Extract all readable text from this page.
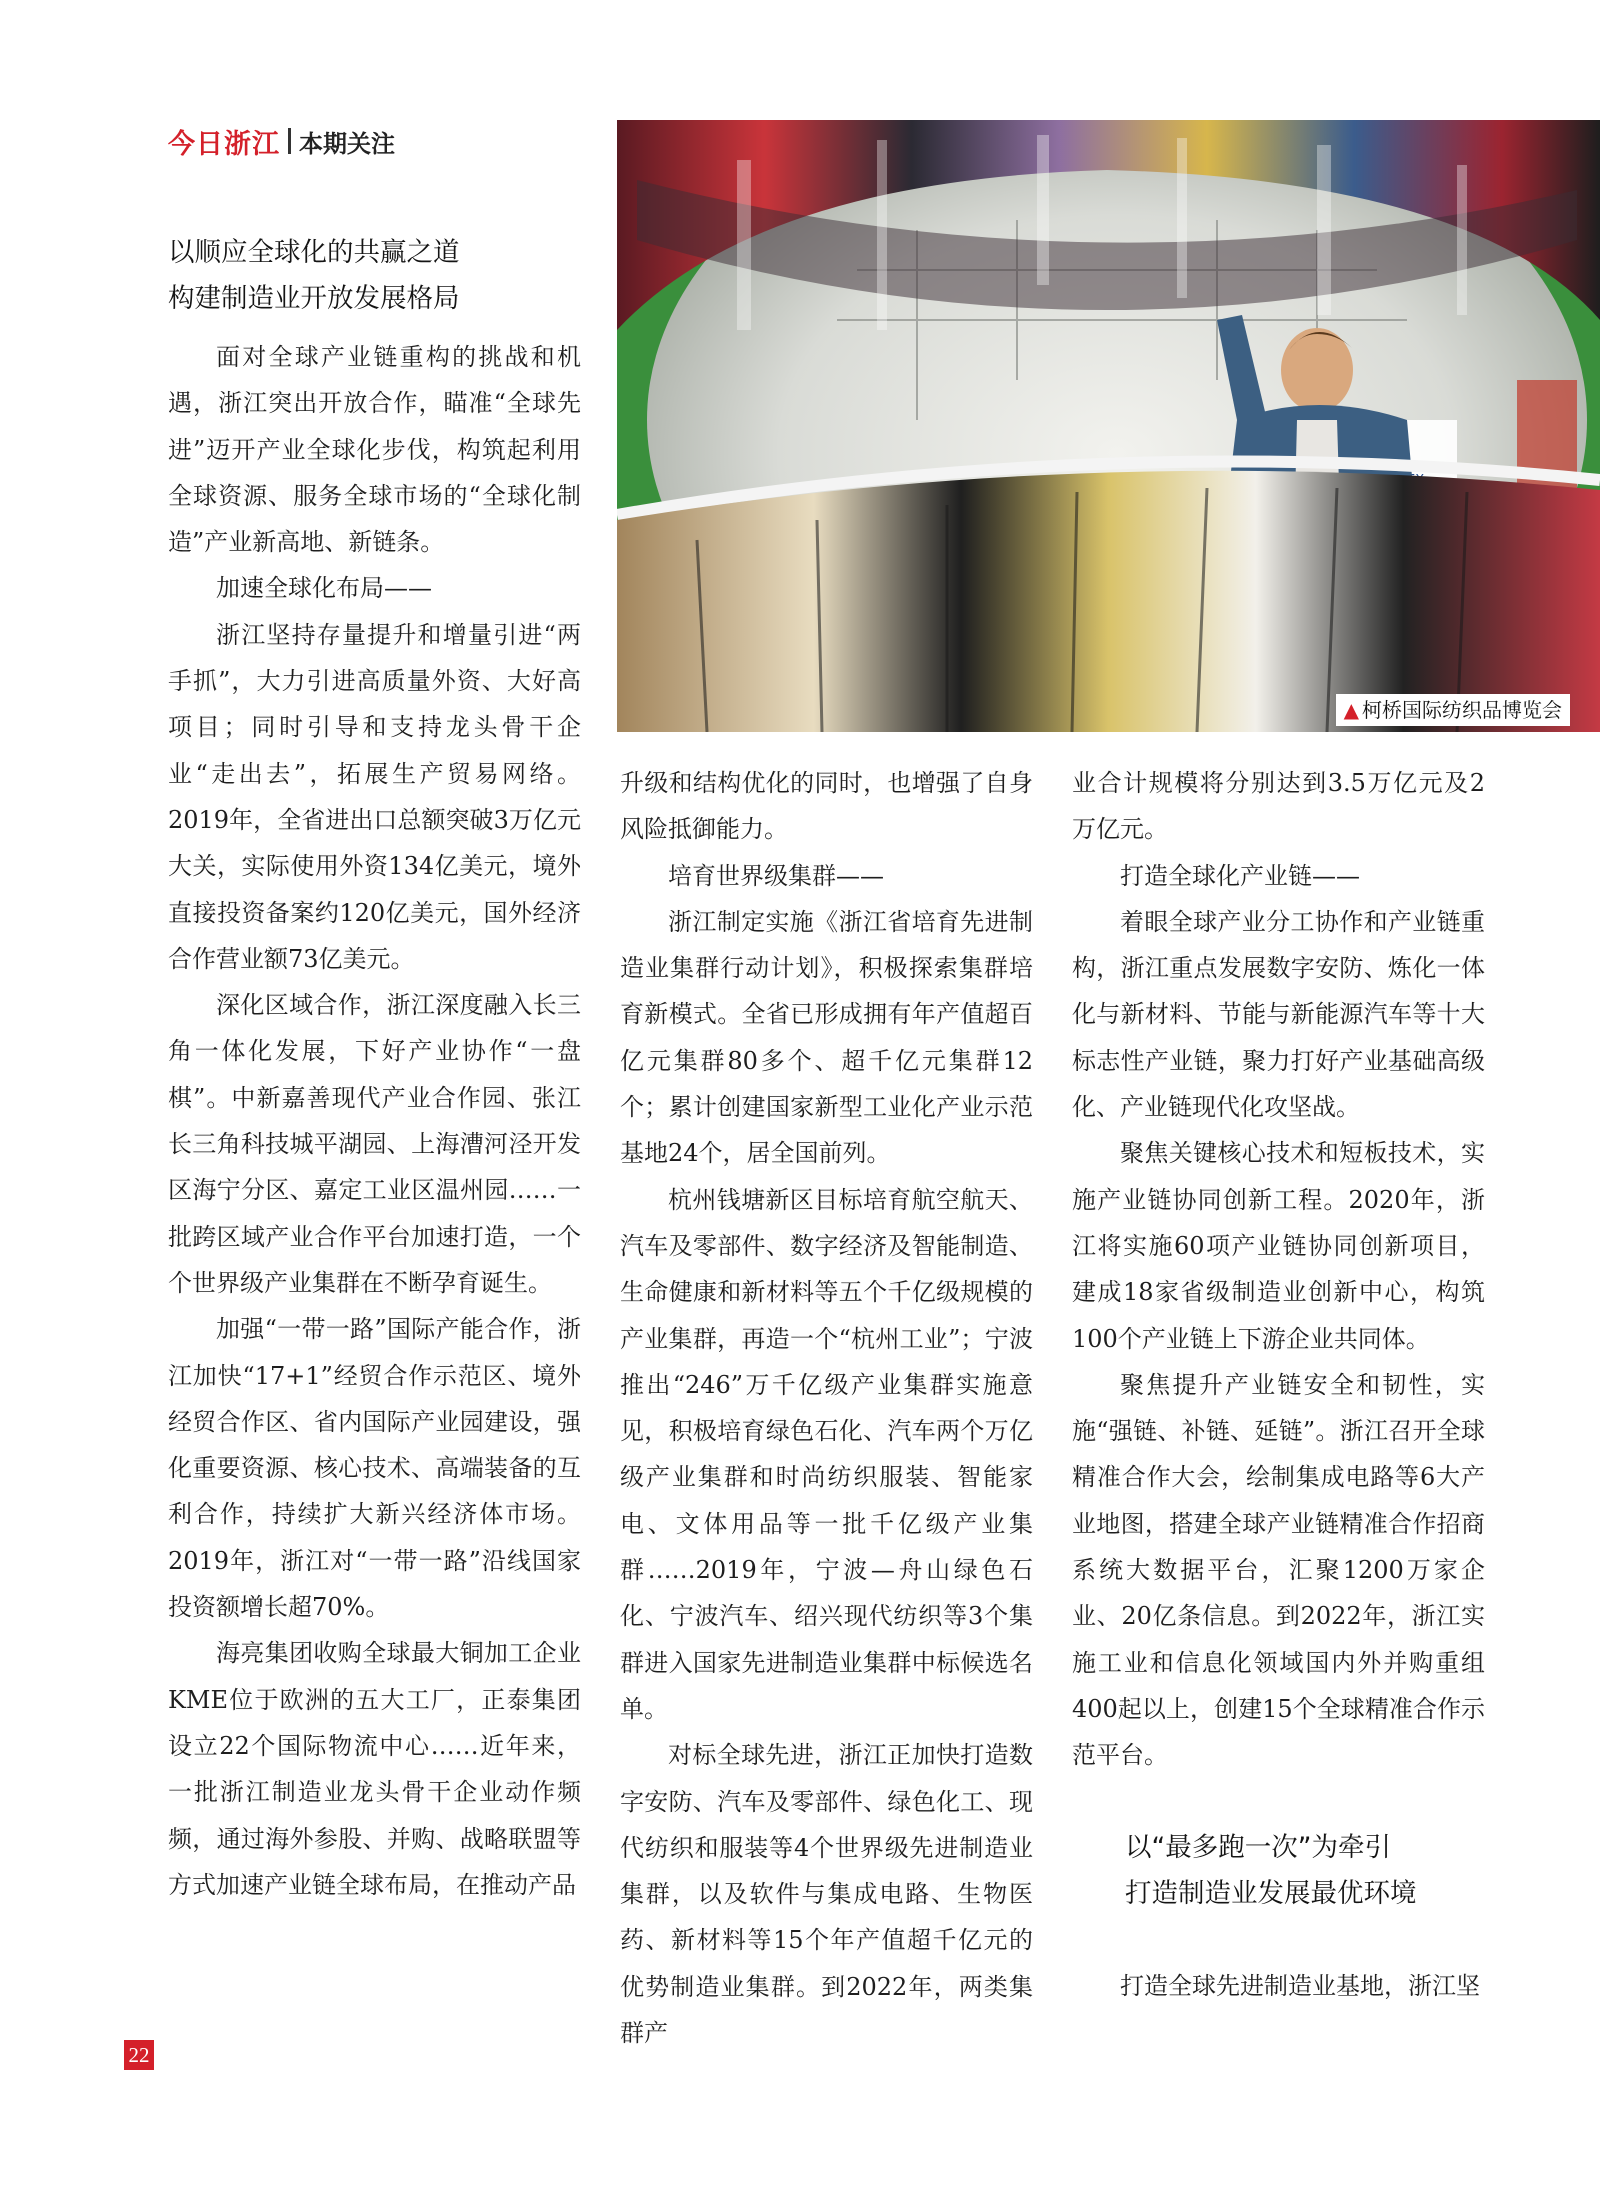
今日浙江 本期关注

以顺应全球化的共赢之道

构建制造业开放发展格局

面对全球产业链重构的挑战和机遇，浙江突出开放合作，瞄准“全球先进”迈开产业全球化步伐，构筑起利用全球资源、服务全球市场的“全球化制造”产业新高地、新链条。

加速全球化布局——

浙江坚持存量提升和增量引进“两手抓”，大力引进高质量外资、大好高项目；同时引导和支持龙头骨干企业“走出去”，拓展生产贸易网络。2019年，全省进出口总额突破3万亿元大关，实际使用外资134亿美元，境外直接投资备案约120亿美元，国外经济合作营业额73亿美元。

深化区域合作，浙江深度融入长三角一体化发展，下好产业协作“一盘棋”。中新嘉善现代产业合作园、张江长三角科技城平湖园、上海漕河泾开发区海宁分区、嘉定工业区温州园……一批跨区域产业合作平台加速打造，一个个世界级产业集群在不断孕育诞生。

加强“一带一路”国际产能合作，浙江加快“17+1”经贸合作示范区、境外经贸合作区、省内国际产业园建设，强化重要资源、核心技术、高端装备的互利合作，持续扩大新兴经济体市场。2019年，浙江对“一带一路”沿线国家投资额增长超70%。

海亮集团收购全球最大铜加工企业KME位于欧洲的五大工厂，正泰集团设立22个国际物流中心……近年来，一批浙江制造业龙头骨干企业动作频频，通过海外参股、并购、战略联盟等方式加速产业链全球布局，在推动产品

▲ 柯桥国际纺织品博览会

升级和结构优化的同时，也增强了自身风险抵御能力。

培育世界级集群——

浙江制定实施《浙江省培育先进制造业集群行动计划》，积极探索集群培育新模式。全省已形成拥有年产值超百亿元集群80多个、超千亿元集群12个；累计创建国家新型工业化产业示范基地24个，居全国前列。

杭州钱塘新区目标培育航空航天、汽车及零部件、数字经济及智能制造、生命健康和新材料等五个千亿级规模的产业集群，再造一个“杭州工业”；宁波推出“246”万千亿级产业集群实施意见，积极培育绿色石化、汽车两个万亿级产业集群和时尚纺织服装、智能家电、文体用品等一批千亿级产业集群……2019年，宁波—舟山绿色石化、宁波汽车、绍兴现代纺织等3个集群进入国家先进制造业集群中标候选名单。

对标全球先进，浙江正加快打造数字安防、汽车及零部件、绿色化工、现代纺织和服装等4个世界级先进制造业集群，以及软件与集成电路、生物医药、新材料等15个年产值超千亿元的优势制造业集群。到2022年，两类集群产

业合计规模将分别达到3.5万亿元及2万亿元。

打造全球化产业链——

着眼全球产业分工协作和产业链重构，浙江重点发展数字安防、炼化一体化与新材料、节能与新能源汽车等十大标志性产业链，聚力打好产业基础高级化、产业链现代化攻坚战。

聚焦关键核心技术和短板技术，实施产业链协同创新工程。2020年，浙江将实施60项产业链协同创新项目，建成18家省级制造业创新中心，构筑100个产业链上下游企业共同体。

聚焦提升产业链安全和韧性，实施“强链、补链、延链”。浙江召开全球精准合作大会，绘制集成电路等6大产业地图，搭建全球产业链精准合作招商系统大数据平台，汇聚1200万家企业、20亿条信息。到2022年，浙江实施工业和信息化领域国内外并购重组400起以上，创建15个全球精准合作示范平台。

以“最多跑一次”为牵引

打造制造业发展最优环境

打造全球先进制造业基地，浙江坚

22
